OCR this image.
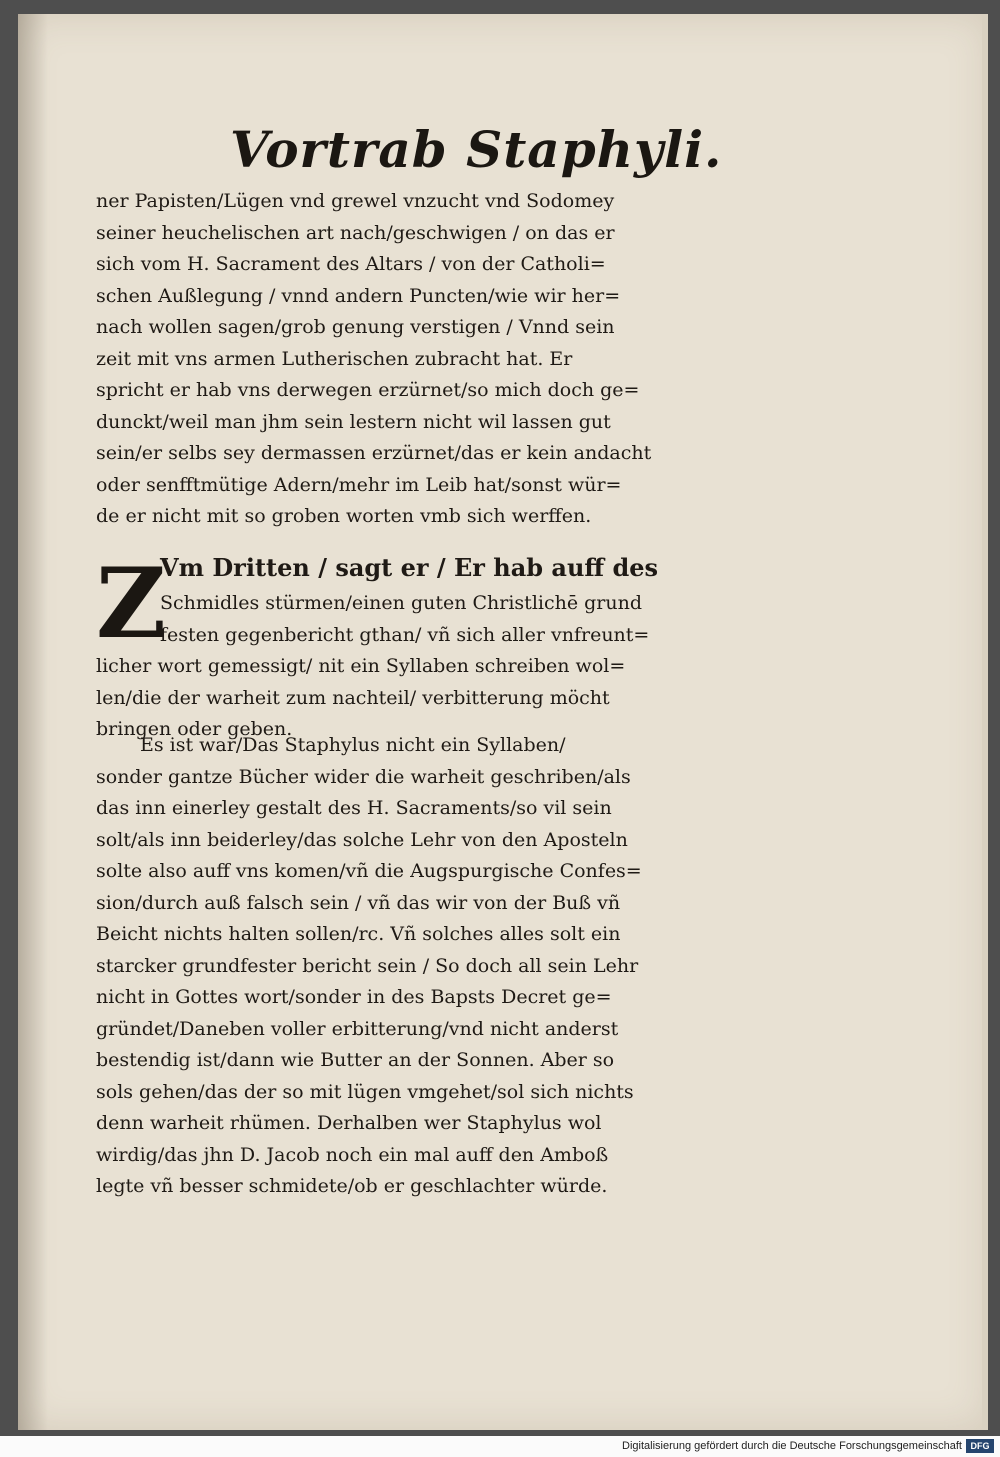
Vortrab Staphyli.
ner Papisten/Lügen vnd grewel vnzucht vnd Sodomey
seiner heuchelischen art nach/geschwigen / on das er
sich vom H. Sacrament des Altars / von der Catholi=
schen Außlegung / vnnd andern Puncten/wie wir her=
nach wollen sagen/grob genung verstigen / Vnnd sein
zeit mit vns armen Lutherischen zubracht hat. Er
spricht er hab vns derwegen erzürnet/so mich doch ge=
dunckt/weil man jhm sein lestern nicht wil lassen gut
sein/er selbs sey dermassen erzürnet/das er kein andacht
oder senfftmütige Adern/mehr im Leib hat/sonst wür=
de er nicht mit so groben worten vmb sich werffen.
Z
Vm Dritten / sagt er / Er hab auff des
Schmidles stürmen/einen guten Christlichē grund
festen gegenbericht gthan/ vñ sich aller vnfreunt=
licher wort gemessigt/ nit ein Syllaben schreiben wol=
len/die der warheit zum nachteil/ verbitterung möcht
bringen oder geben.
Es ist war/Das Staphylus nicht ein Syllaben/
sonder gantze Bücher wider die warheit geschriben/als
das inn einerley gestalt des H. Sacraments/so vil sein
solt/als inn beiderley/das solche Lehr von den Aposteln
solte also auff vns komen/vñ die Augspurgische Confes=
sion/durch auß falsch sein / vñ das wir von der Buß vñ
Beicht nichts halten sollen/rc. Vñ solches alles solt ein
starcker grundfester bericht sein / So doch all sein Lehr
nicht in Gottes wort/sonder in des Bapsts Decret ge=
gründet/Daneben voller erbitterung/vnd nicht anderst
bestendig ist/dann wie Butter an der Sonnen. Aber so
sols gehen/das der so mit lügen vmgehet/sol sich nichts
denn warheit rhümen. Derhalben wer Staphylus wol
wirdig/das jhn D. Jacob noch ein mal auff den Amboß
legte vñ besser schmidete/ob er geschlachter würde.
Digitalisierung gefördert durch die Deutsche Forschungsgemeinschaft DFG
